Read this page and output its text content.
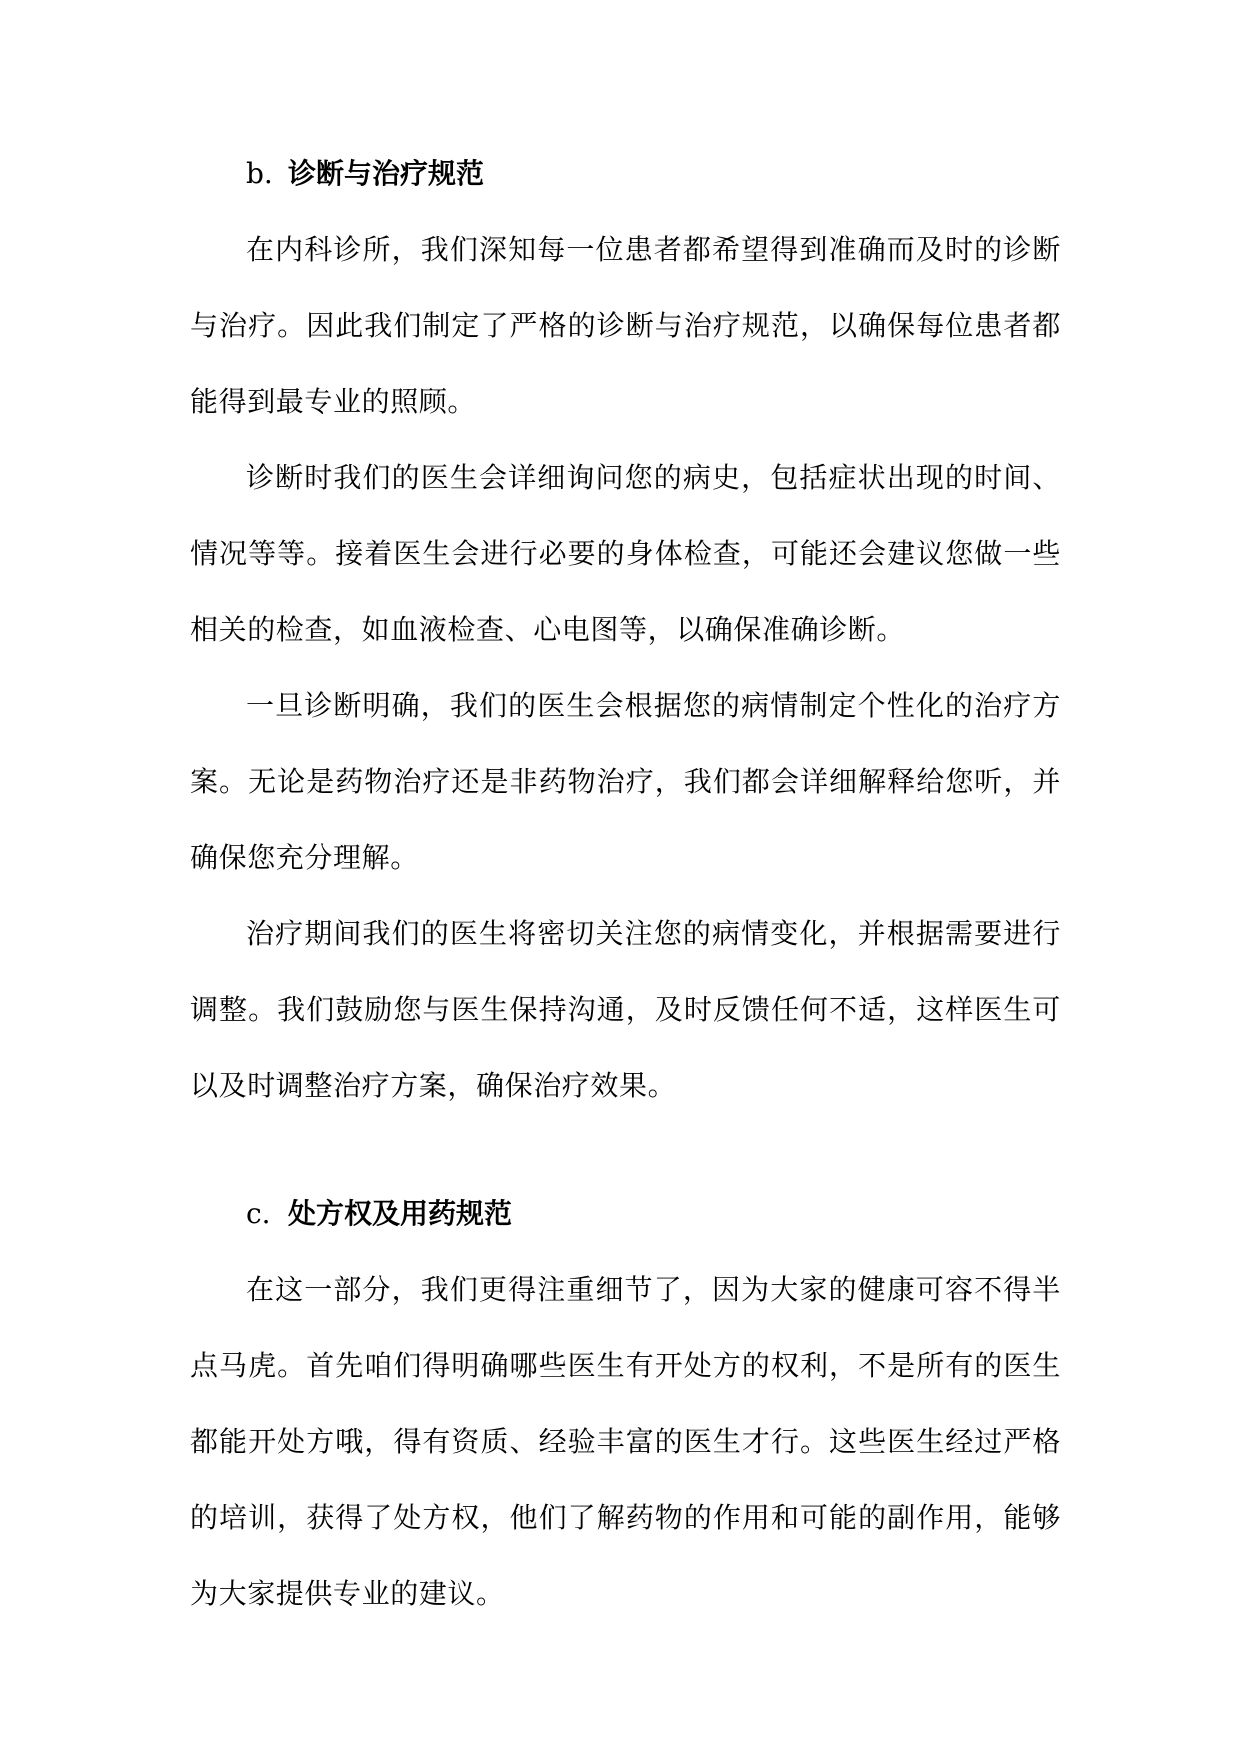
b. 诊断与治疗规范

在内科诊所，我们深知每一位患者都希望得到准确而及时的诊断与治疗。因此我们制定了严格的诊断与治疗规范，以确保每位患者都能得到最专业的照顾。

诊断时我们的医生会详细询问您的病史，包括症状出现的时间、情况等等。接着医生会进行必要的身体检查，可能还会建议您做一些相关的检查，如血液检查、心电图等，以确保准确诊断。

一旦诊断明确，我们的医生会根据您的病情制定个性化的治疗方案。无论是药物治疗还是非药物治疗，我们都会详细解释给您听，并确保您充分理解。

治疗期间我们的医生将密切关注您的病情变化，并根据需要进行调整。我们鼓励您与医生保持沟通，及时反馈任何不适，这样医生可以及时调整治疗方案，确保治疗效果。

c. 处方权及用药规范

在这一部分，我们更得注重细节了，因为大家的健康可容不得半点马虎。首先咱们得明确哪些医生有开处方的权利，不是所有的医生都能开处方哦，得有资质、经验丰富的医生才行。这些医生经过严格的培训，获得了处方权，他们了解药物的作用和可能的副作用，能够为大家提供专业的建议。
